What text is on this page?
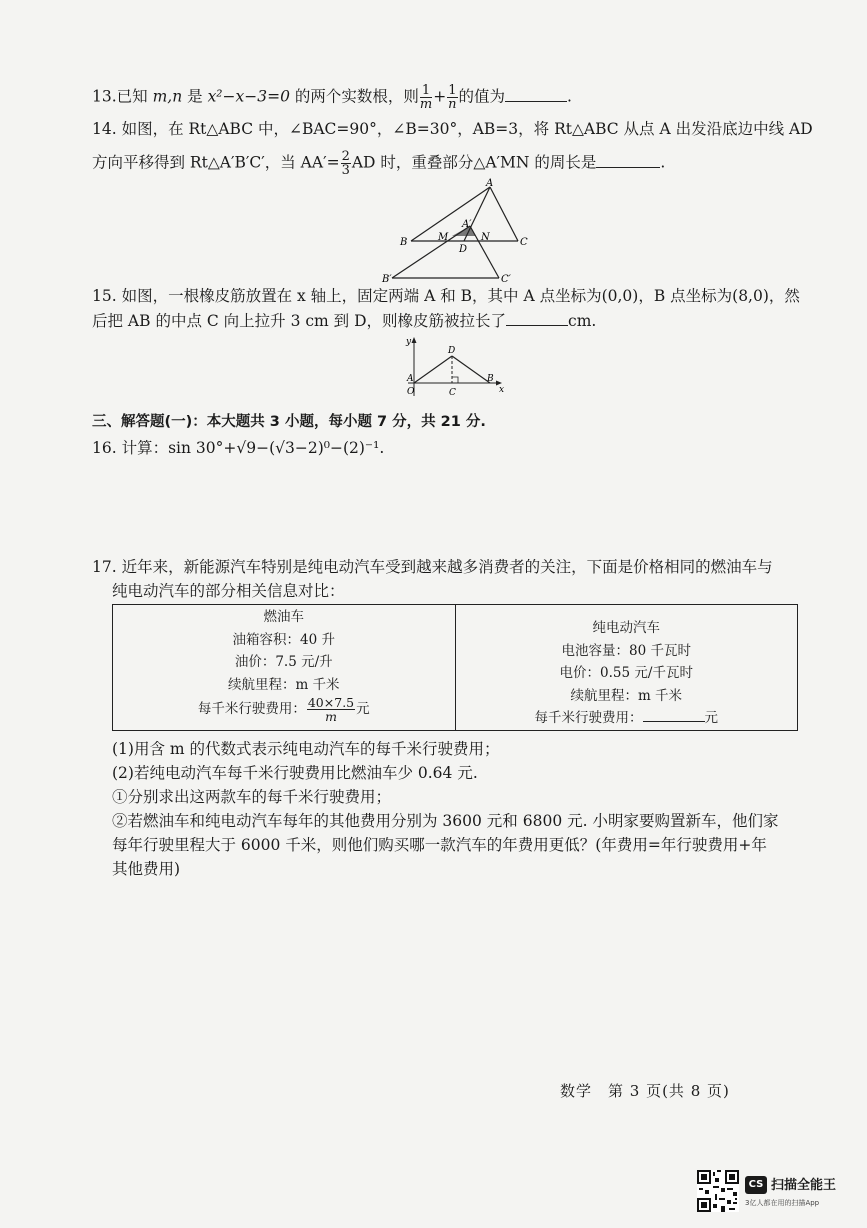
13.已知 m,n 是 x²−x−3=0 的两个实数根，则 $\frac{1}{m} + \frac{1}{n}$ 的值为	.
14. 如图，在 Rt△ABC 中，∠BAC=90°，∠B=30°，AB=3，将 Rt△ABC 从点 A 出发沿底边中线 AD
方向平移得到 Rt△A′B′C′，当 $AA'= \frac{2}{3}$ AD 时，重叠部分△A′MN 的周长是	.
A
A′
B	M	N	C
D
B′	C′
15. 如图，一根橡皮筋放置在 x 轴上，固定两端 A 和 B，其中 A 点坐标为(0,0)，B 点坐标为(8,0)，然
后把 AB 的中点 C 向上拉升 3 cm 到 D，则橡皮筋被拉长了	cm.
y
x
A
O
D
C
B
三、解答题(一)：本大题共 3 小题，每小题 7 分，共 21 分.
16. 计算：sin 30°+√9−(√3−2)⁰−(2)⁻¹.
17. 近年来，新能源汽车特别是纯电动汽车受到越来越多消费者的关注，下面是价格相同的燃油车与
纯电动汽车的部分相关信息对比：
燃油车
油箱容积：40 升
油价：7.5 元/升
续航里程：m 千米
每千米行驶费用： $\frac{40\times 7.5}{m}$ 元

纯电动汽车
电池容量：80 千瓦时
电价：0.55 元/千瓦时
续航里程：m 千米
每千米行驶费用：	元
(1)用含 m 的代数式表示纯电动汽车的每千米行驶费用；
(2)若纯电动汽车每千米行驶费用比燃油车少 0.64 元.
①分别求出这两款车的每千米行驶费用；
②若燃油车和纯电动汽车每年的其他费用分别为 3600 元和 6800 元. 小明家要购置新车，他们家
每年行驶里程大于 6000 千米，则他们购买哪一款汽车的年费用更低？(年费用=年行驶费用+年
其他费用)
数学　第 3 页(共 8 页)
CS 扫描全能王
3亿人都在用的扫描App
